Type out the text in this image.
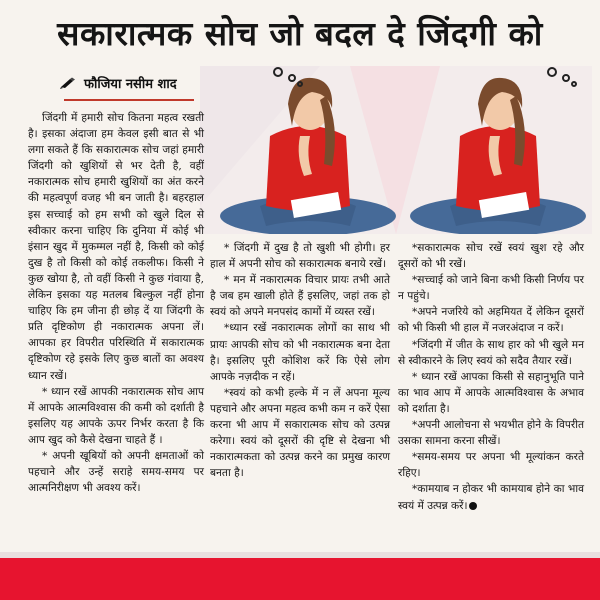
सकारात्मक सोच जो बदल दे जिंदगी को
फौजिया नसीम शाद

जिंदगी में हमारी सोच कितना महत्व रखती है। इसका अंदाजा हम केवल इसी बात से भी लगा सकते हैं कि सकारात्मक सोच जहां हमारी जिंदगी को खुशियों से भर देती है, वहीं नकारात्मक सोच हमारी खुशियों का अंत करने की महत्वपूर्ण वजह भी बन जाती है। बहरहाल इस सच्चाई को हम सभी को खुले दिल से स्वीकार करना चाहिए कि दुनिया में कोई भी इंसान खुद में मुकम्मल नहीं है, किसी को कोई दुख है तो किसी को कोई तकलीफ। किसी ने कुछ खोया है, तो वहीं किसी ने कुछ गंवाया है, लेकिन इसका यह मतलब बिल्कुल नहीं होना चाहिए कि हम जीना ही छोड़ दें या जिंदगी के प्रति दृष्टिकोण ही नकारात्मक अपना लें। आपका हर विपरीत परिस्थिति में सकारात्मक दृष्टिकोण रहे इसके लिए कुछ बातों का अवश्य ध्यान रखें।

* ध्यान रखें आपकी नकारात्मक सोच आप में आपके आत्मविश्वास की कमी को दर्शाती है इसलिए यह आपके ऊपर निर्भर करता है कि आप खुद को कैसे देखना चाहते हैं ।

* अपनी खूबियों को अपनी क्षमताओं को पहचाने और उन्हें सराहे समय-समय पर आत्मनिरीक्षण भी अवश्य करें।

* जिंदगी में दुख है तो खुशी भी होगी। हर हाल में अपनी सोच को सकारात्मक बनाये रखें।

* मन में नकारात्मक विचार प्रायः तभी आते है जब हम खाली होते हैं इसलिए, जहां तक हो स्वयं को अपने मनपसंद कामों में व्यस्त रखें।

*ध्यान रखें नकारात्मक लोगों का साथ भी प्रायः आपकी सोच को भी नकारात्मक बना देता है। इसलिए पूरी कोशिश करें कि ऐसे लोग आपके नज़दीक न रहें।

*स्वयं को कभी हल्के में न लें अपना मूल्य पहचाने और अपना महत्व कभी कम न करें ऐसा करना भी आप में सकारात्मक सोच को उत्पन्न करेगा। स्वयं को दूसरों की दृष्टि से देखना भी नकारात्मकता को उत्पन्न करने का प्रमुख कारण बनता है।

*सकारात्मक सोच रखें स्वयं खुश रहे और दूसरों को भी रखें।

*सच्चाई को जाने बिना कभी किसी निर्णय पर न पहुंचे।

*अपने नजरिये को अहमियत दें लेकिन दूसरों को भी किसी भी हाल में नजरअंदाज न करें।

*जिंदगी में जीत के साथ हार को भी खुले मन से स्वीकारने के लिए स्वयं को सदैव तैयार रखें।

* ध्यान रखें आपका किसी से सहानुभूति पाने का भाव आप में आपके आत्मविश्वास के अभाव को दर्शाता है।

*अपनी आलोचना से भयभीत होने के विपरीत उसका सामना करना सीखें।

*समय-समय पर अपना भी मूल्यांकन करते रहिए।

*कामयाब न होकर भी कामयाब होने का भाव स्वयं में उत्पन्न करें।
